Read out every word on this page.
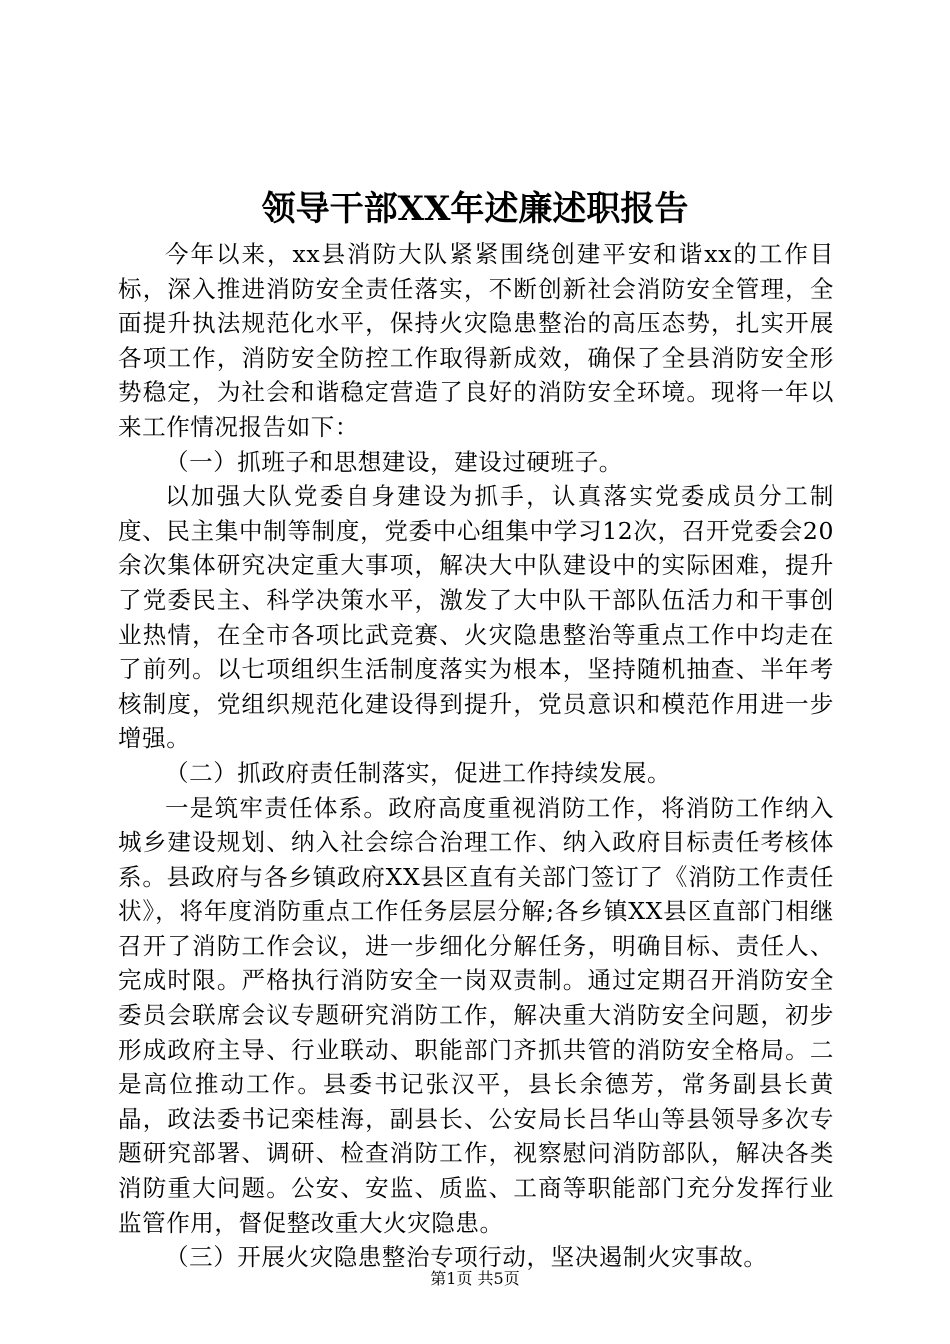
领导干部XX年述廉述职报告

今年以来，xx县消防大队紧紧围绕创建平安和谐xx的工作目标，深入推进消防安全责任落实，不断创新社会消防安全管理，全面提升执法规范化水平，保持火灾隐患整治的高压态势，扎实开展各项工作，消防安全防控工作取得新成效，确保了全县消防安全形势稳定，为社会和谐稳定营造了良好的消防安全环境。现将一年以来工作情况报告如下：

（一）抓班子和思想建设，建设过硬班子。

以加强大队党委自身建设为抓手，认真落实党委成员分工制度、民主集中制等制度，党委中心组集中学习12次，召开党委会20余次集体研究决定重大事项，解决大中队建设中的实际困难，提升了党委民主、科学决策水平，激发了大中队干部队伍活力和干事创业热情，在全市各项比武竞赛、火灾隐患整治等重点工作中均走在了前列。以七项组织生活制度落实为根本，坚持随机抽查、半年考核制度，党组织规范化建设得到提升，党员意识和模范作用进一步增强。

（二）抓政府责任制落实，促进工作持续发展。

一是筑牢责任体系。政府高度重视消防工作，将消防工作纳入城乡建设规划、纳入社会综合治理工作、纳入政府目标责任考核体系。县政府与各乡镇政府XX县区直有关部门签订了《消防工作责任状》，将年度消防重点工作任务层层分解;各乡镇XX县区直部门相继召开了消防工作会议，进一步细化分解任务，明确目标、责任人、完成时限。严格执行消防安全一岗双责制。通过定期召开消防安全委员会联席会议专题研究消防工作，解决重大消防安全问题，初步形成政府主导、行业联动、职能部门齐抓共管的消防安全格局。二是高位推动工作。县委书记张汉平，县长余德芳，常务副县长黄晶，政法委书记栾桂海，副县长、公安局长吕华山等县领导多次专题研究部署、调研、检查消防工作，视察慰问消防部队，解决各类消防重大问题。公安、安监、质监、工商等职能部门充分发挥行业监管作用，督促整改重大火灾隐患。

（三）开展火灾隐患整治专项行动，坚决遏制火灾事故。

第1页 共5页
